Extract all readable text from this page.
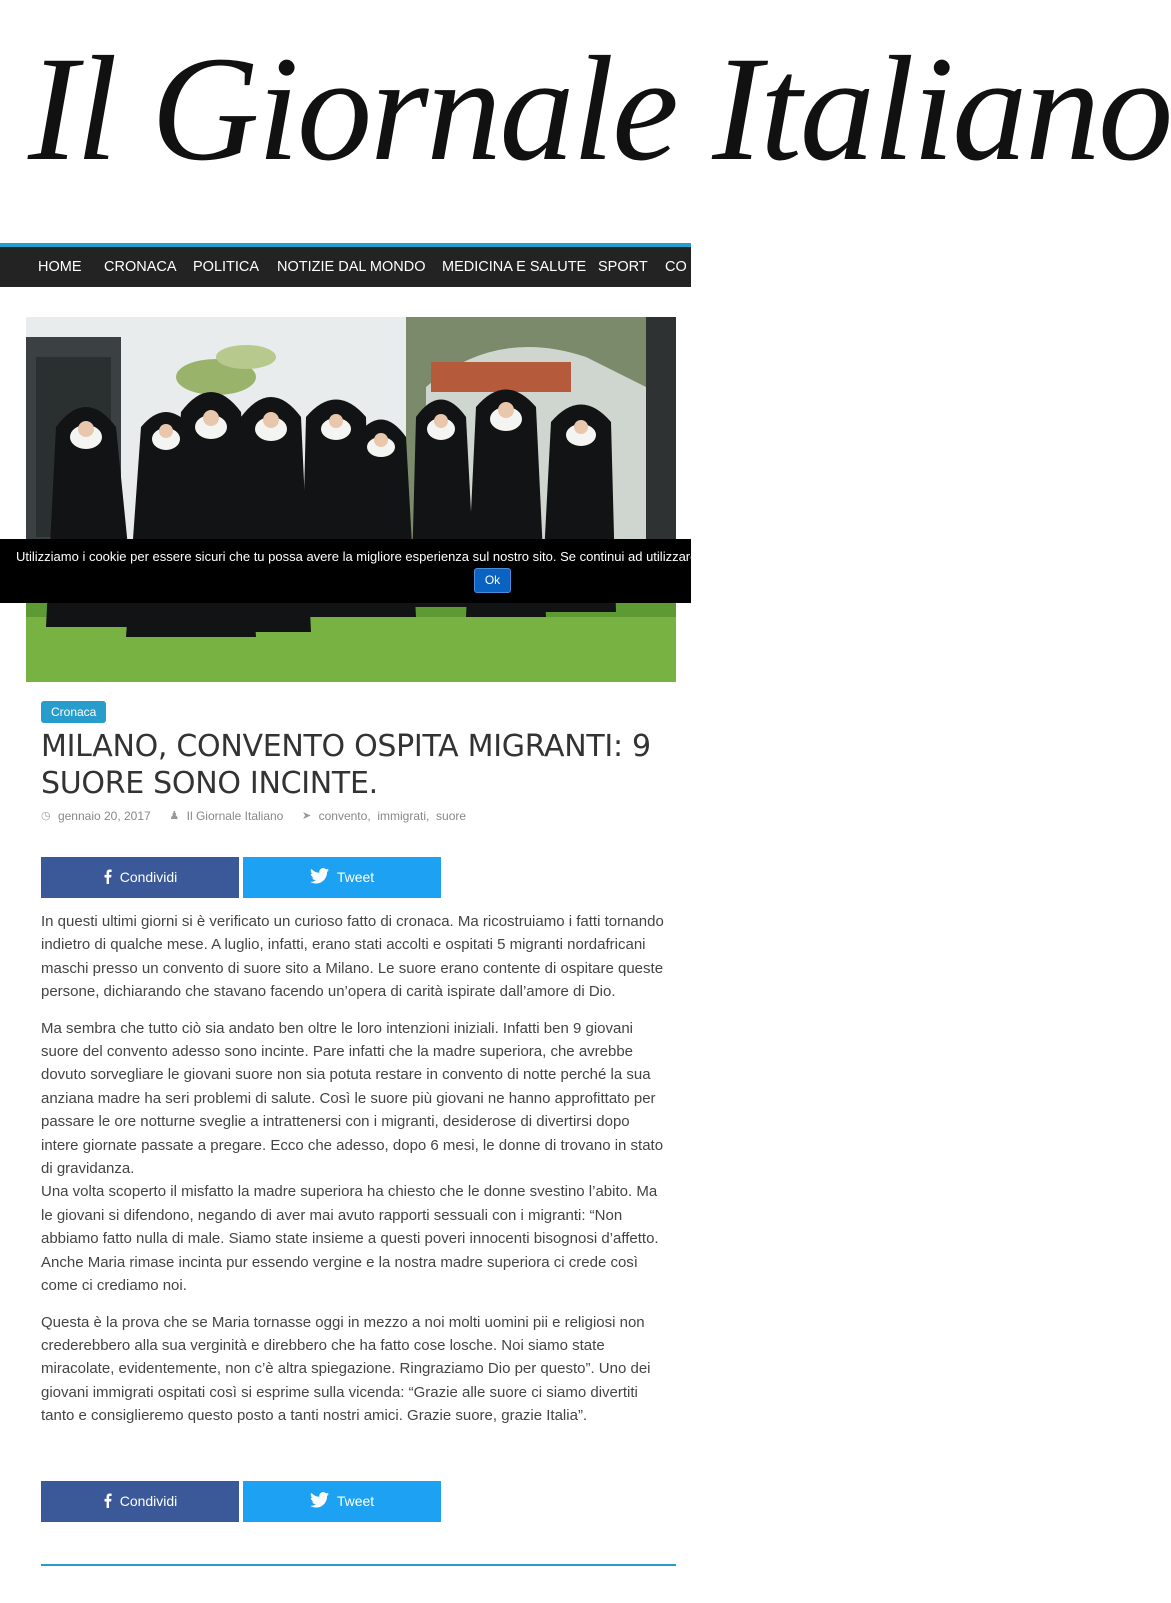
Il Giornale Italiano
HOME CRONACA POLITICA NOTIZIE DAL MONDO MEDICINA E SALUTE SPORT CO
Utilizziamo i cookie per essere sicuri che tu possa avere la migliore esperienza sul nostro sito. Se continui ad utilizzare questo sito noi assumiamo che tu ne sia felice.
Ok
Cronaca
MILANO, CONVENTO OSPITA MIGRANTI: 9 SUORE SONO INCINTE.
◷ gennaio 20, 2017 ♟ Il Giornale Italiano ➤ convento,  immigrati,  suore
Condividi	Tweet

In questi ultimi giorni si è verificato un curioso fatto di cronaca. Ma ricostruiamo i fatti tornando indietro di qualche mese. A luglio, infatti, erano stati accolti e ospitati 5 migranti nordafricani maschi presso un convento di suore sito a Milano. Le suore erano contente di ospitare queste persone, dichiarando che stavano facendo un’opera di carità ispirate dall’amore di Dio.

Ma sembra che tutto ciò sia andato ben oltre le loro intenzioni iniziali. Infatti ben 9 giovani suore del convento adesso sono incinte. Pare infatti che la madre superiora, che avrebbe dovuto sorvegliare le giovani suore non sia potuta restare in convento di notte perché la sua anziana madre ha seri problemi di salute. Così le suore più giovani ne hanno approfittato per passare le ore notturne sveglie a intrattenersi con i migranti, desiderose di divertirsi dopo intere giornate passate a pregare. Ecco che adesso, dopo 6 mesi, le donne di trovano in stato di gravidanza.

Una volta scoperto il misfatto la madre superiora ha chiesto che le donne svestino l’abito. Ma le giovani si difendono, negando di aver mai avuto rapporti sessuali con i migranti: “Non abbiamo fatto nulla di male. Siamo state insieme a questi poveri innocenti bisognosi d’affetto. Anche Maria rimase incinta pur essendo vergine e la nostra madre superiora ci crede così come ci crediamo noi.

Questa è la prova che se Maria tornasse oggi in mezzo a noi molti uomini pii e religiosi non crederebbero alla sua verginità e direbbero che ha fatto cose losche. Noi siamo state miracolate, evidentemente, non c’è altra spiegazione. Ringraziamo Dio per questo”. Uno dei giovani immigrati ospitati così si esprime sulla vicenda: “Grazie alle suore ci siamo divertiti tanto e consiglieremo questo posto a tanti nostri amici. Grazie suore, grazie Italia”.

Condividi	Tweet
